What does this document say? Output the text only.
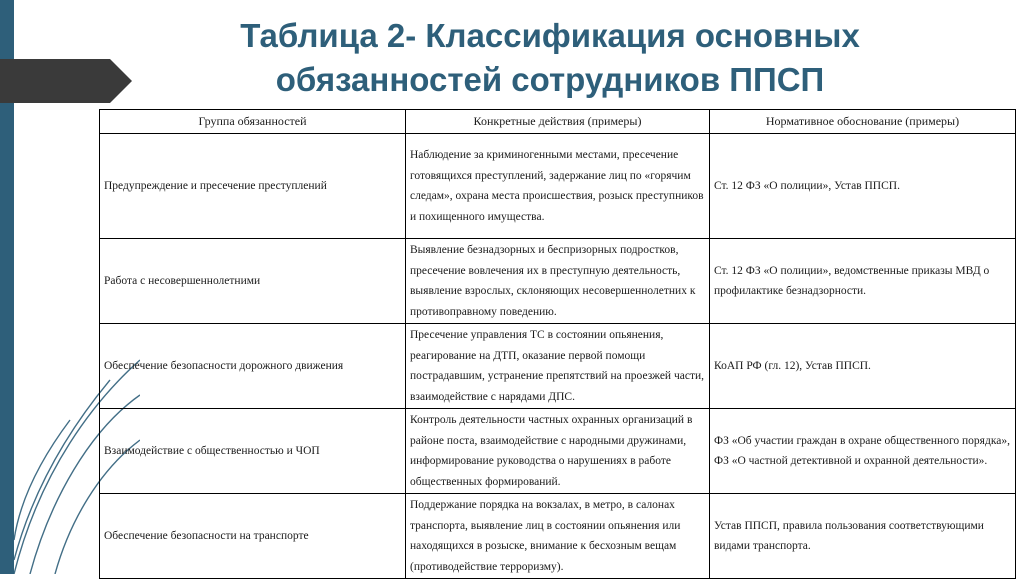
Таблица 2- Классификация основных
обязанностей сотрудников ППСП
Группа обязанностей	Конкретные действия (примеры)	Нормативное обоснование (примеры)
Предупреждение и пресечение преступлений	Наблюдение за криминогенными местами, пресечение готовящихся преступлений, задержание лиц по «горячим следам», охрана места происшествия, розыск преступников и похищенного имущества.	Ст. 12 ФЗ «О полиции», Устав ППСП.
Работа с несовершеннолетними	Выявление безнадзорных и беспризорных подростков, пресечение вовлечения их в преступную деятельность, выявление взрослых, склоняющих несовершеннолетних к противоправному поведению.	Ст. 12 ФЗ «О полиции», ведомственные приказы МВД о профилактике безнадзорности.
Обеспечение безопасности дорожного движения	Пресечение управления ТС в состоянии опьянения, реагирование на ДТП, оказание первой помощи пострадавшим, устранение препятствий на проезжей части, взаимодействие с нарядами ДПС.	КоАП РФ (гл. 12), Устав ППСП.
Взаимодействие с общественностью и ЧОП	Контроль деятельности частных охранных организаций в районе поста, взаимодействие с народными дружинами, информирование руководства о нарушениях в работе общественных формирований.	ФЗ «Об участии граждан в охране общественного порядка», ФЗ «О частной детективной и охранной деятельности».
Обеспечение безопасности на транспорте	Поддержание порядка на вокзалах, в метро, в салонах транспорта, выявление лиц в состоянии опьянения или находящихся в розыске, внимание к бесхозным вещам (противодействие терроризму).	Устав ППСП, правила пользования соответствующими видами транспорта.
